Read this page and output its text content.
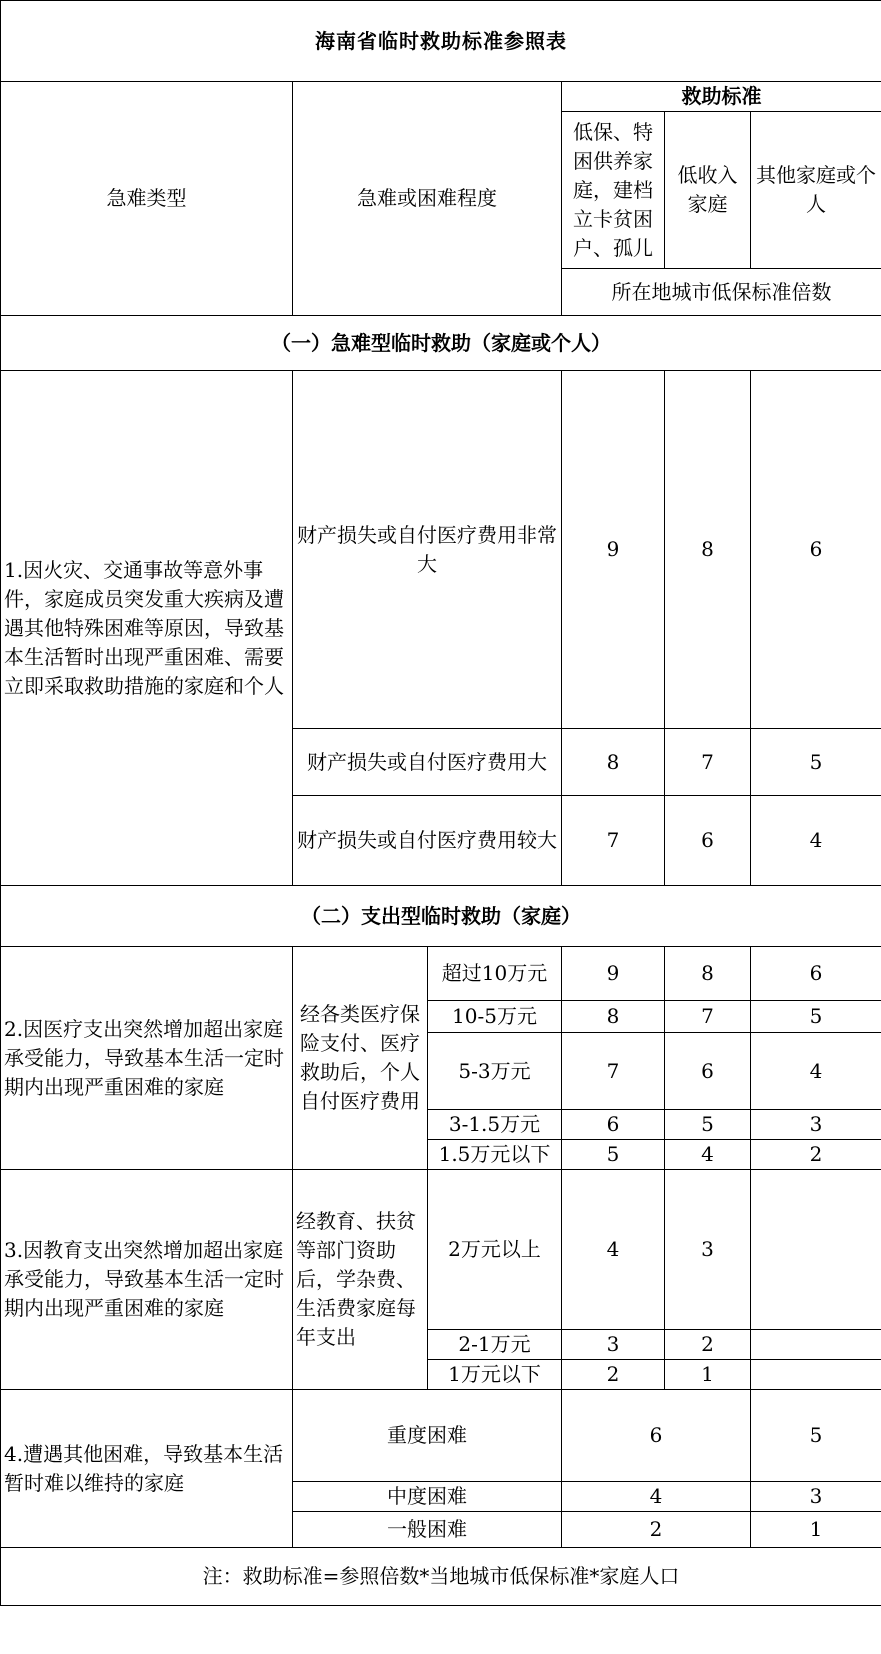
海南省临时救助标准参照表					
急难类型	急难或困难程度		救助标准		
			低保、特困供养家庭，建档立卡贫困户、孤儿	低收入家庭	其他家庭或个人
			所在地城市低保标准倍数		
（一）急难型临时救助（家庭或个人）					
1.因火灾、交通事故等意外事件，家庭成员突发重大疾病及遭遇其他特殊困难等原因，导致基本生活暂时出现严重困难、需要立即采取救助措施的家庭和个人	财产损失或自付医疗费用非常大		9	8	6
	财产损失或自付医疗费用大		8	7	5
	财产损失或自付医疗费用较大		7	6	4
（二）支出型临时救助（家庭）					
2.因医疗支出突然增加超出家庭承受能力，导致基本生活一定时期内出现严重困难的家庭	经各类医疗保险支付、医疗救助后，个人自付医疗费用	超过10万元	9	8	6
		10-5万元	8	7	5
		5-3万元	7	6	4
		3-1.5万元	6	5	3
		1.5万元以下	5	4	2
3.因教育支出突然增加超出家庭承受能力，导致基本生活一定时期内出现严重困难的家庭	经教育、扶贫等部门资助后，学杂费、生活费家庭每年支出	2万元以上	4	3	
		2-1万元	3	2	
		1万元以下	2	1	
4.遭遇其他困难，导致基本生活暂时难以维持的家庭	重度困难		6		5
	中度困难		4		3
	一般困难		2		1
注：救助标准=参照倍数*当地城市低保标准*家庭人口					
